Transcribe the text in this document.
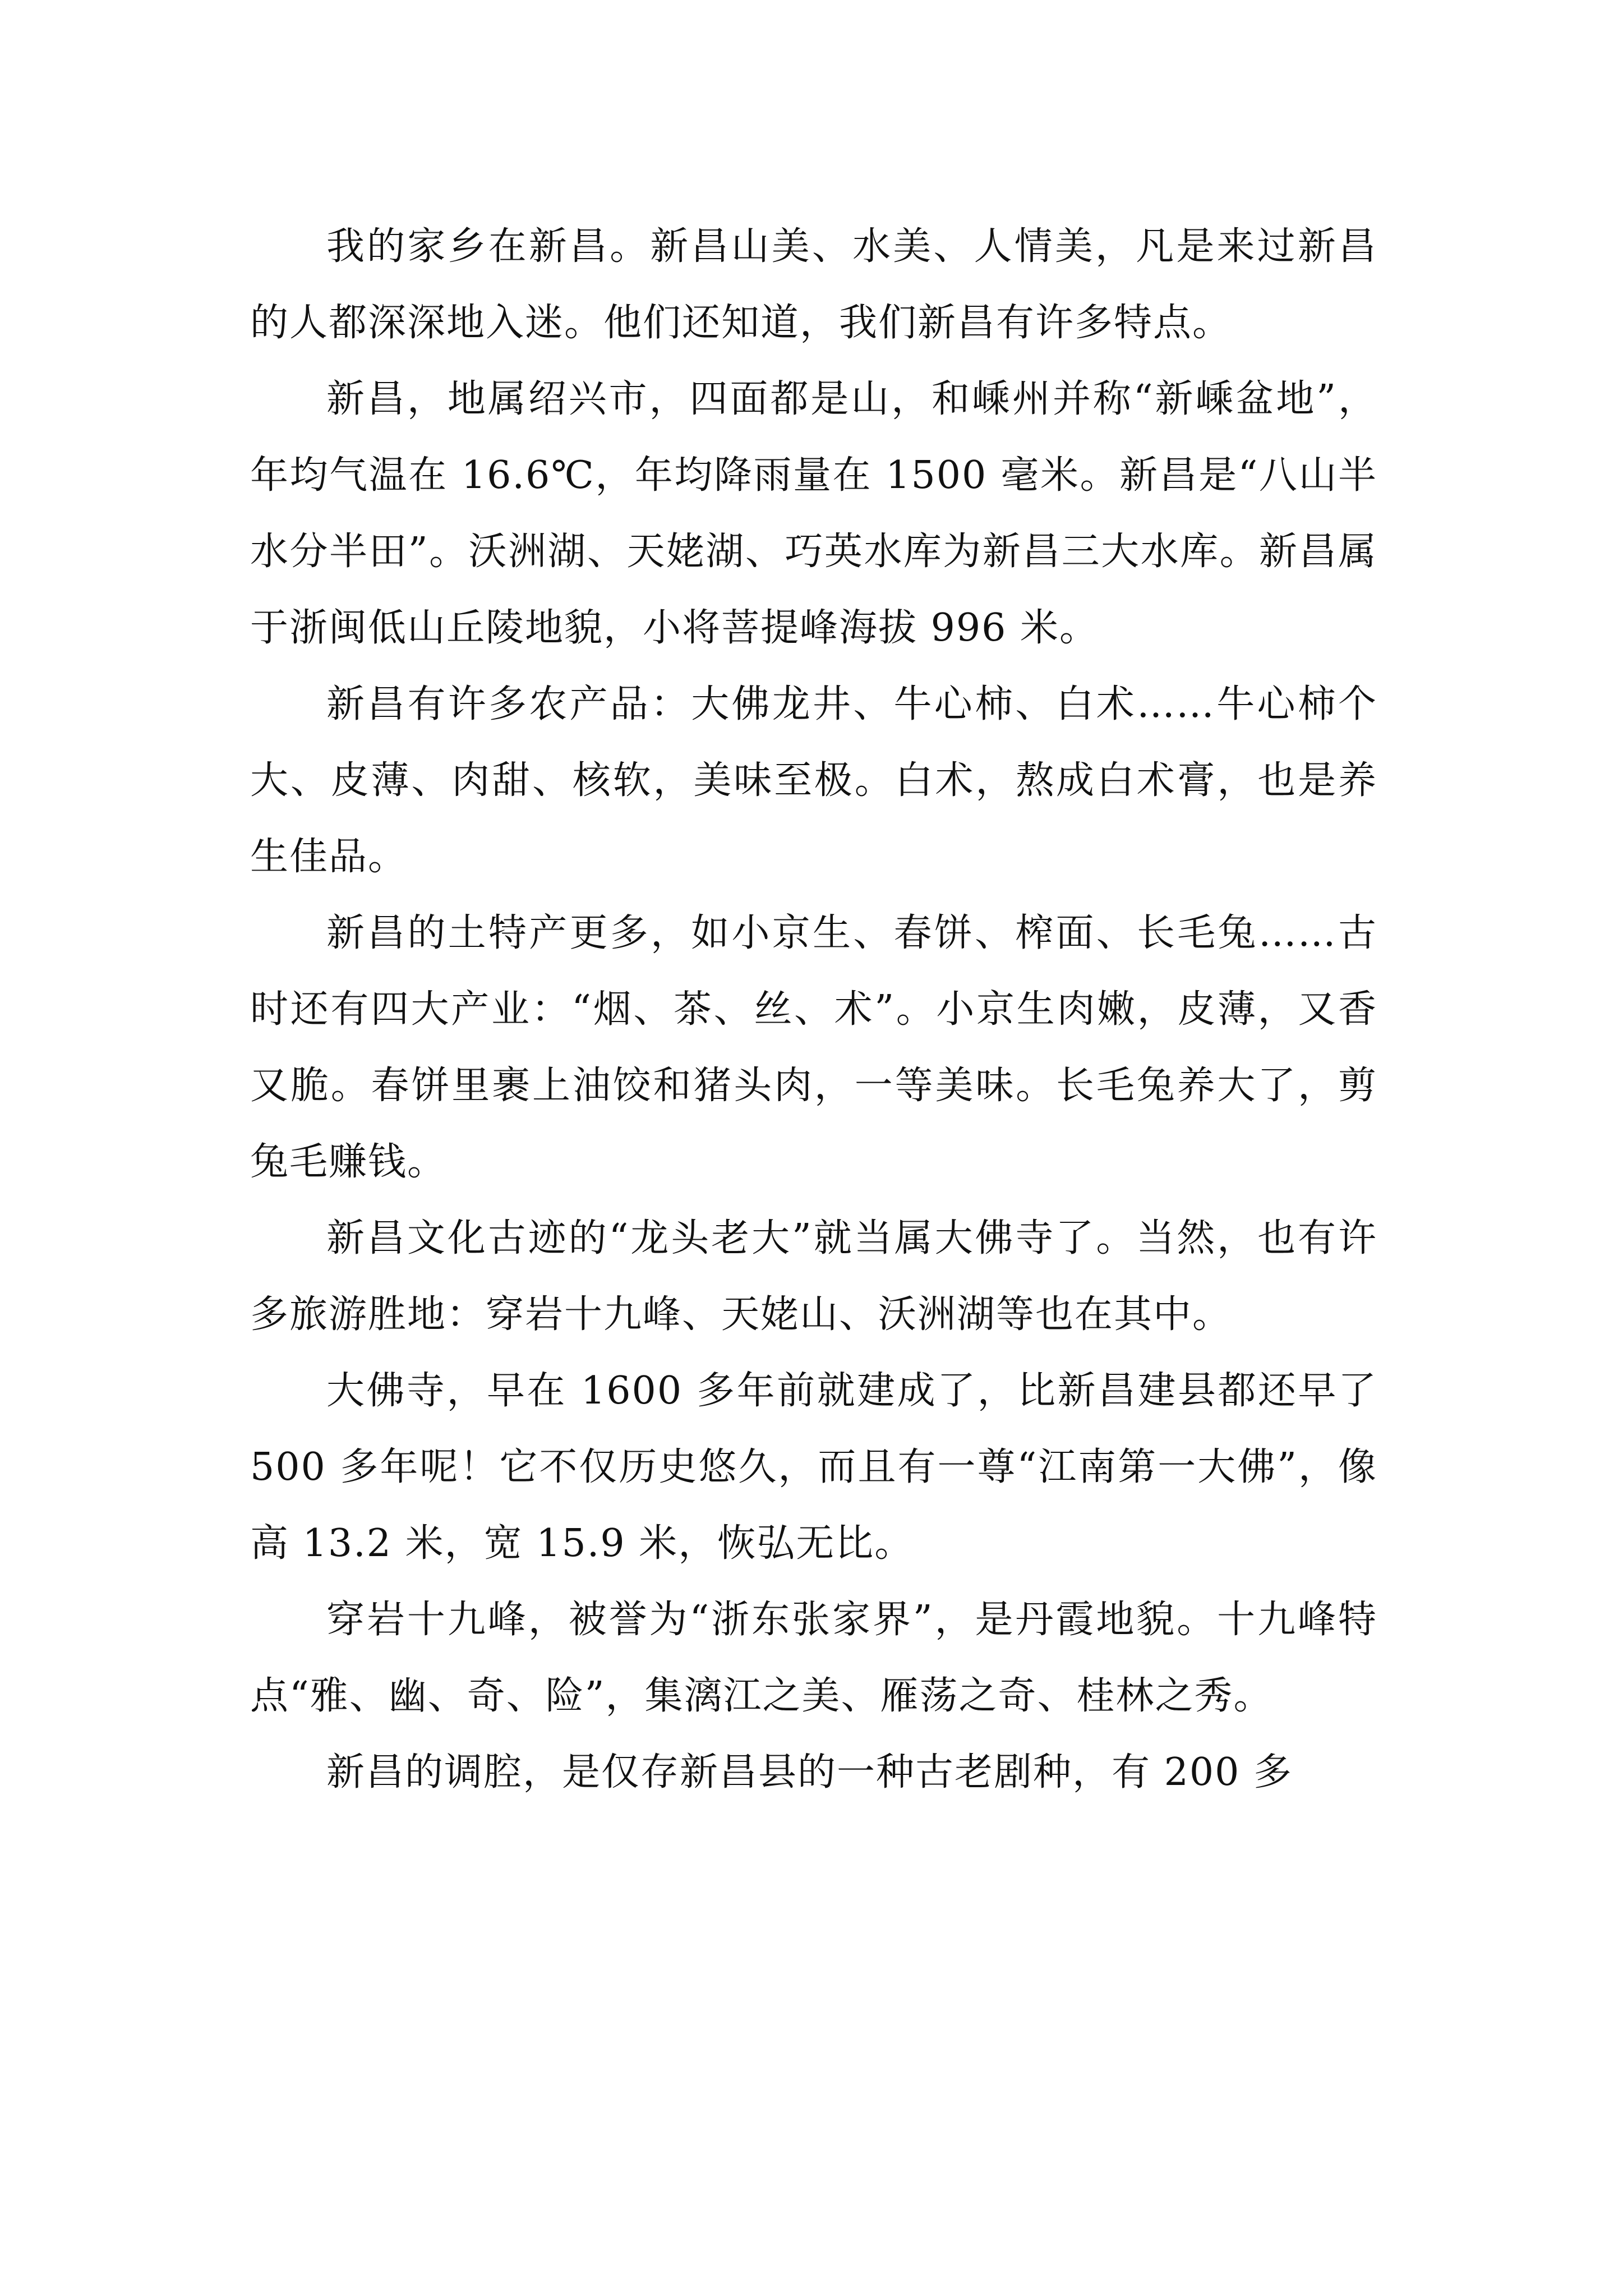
我的家乡在新昌。新昌山美、水美、人情美，凡是来过新昌的人都深深地入迷。他们还知道，我们新昌有许多特点。

新昌，地属绍兴市，四面都是山，和嵊州并称“新嵊盆地”，年均气温在 16.6℃，年均降雨量在 1500 毫米。新昌是“八山半水分半田”。沃洲湖、天姥湖、巧英水库为新昌三大水库。新昌属于浙闽低山丘陵地貌，小将菩提峰海拔 996 米。

新昌有许多农产品：大佛龙井、牛心柿、白术……牛心柿个大、皮薄、肉甜、核软，美味至极。白术，熬成白术膏，也是养生佳品。

新昌的土特产更多，如小京生、春饼、榨面、长毛兔……古时还有四大产业：“烟、茶、丝、术”。小京生肉嫩，皮薄，又香又脆。春饼里裹上油饺和猪头肉，一等美味。长毛兔养大了，剪兔毛赚钱。

新昌文化古迹的“龙头老大”就当属大佛寺了。当然，也有许多旅游胜地：穿岩十九峰、天姥山、沃洲湖等也在其中。

大佛寺，早在 1600 多年前就建成了，比新昌建县都还早了 500 多年呢！它不仅历史悠久，而且有一尊“江南第一大佛”，像高 13.2 米，宽 15.9 米，恢弘无比。

穿岩十九峰，被誉为“浙东张家界”，是丹霞地貌。十九峰特点“雅、幽、奇、险”，集漓江之美、雁荡之奇、桂林之秀。

新昌的调腔，是仅存新昌县的一种古老剧种，有 200 多
